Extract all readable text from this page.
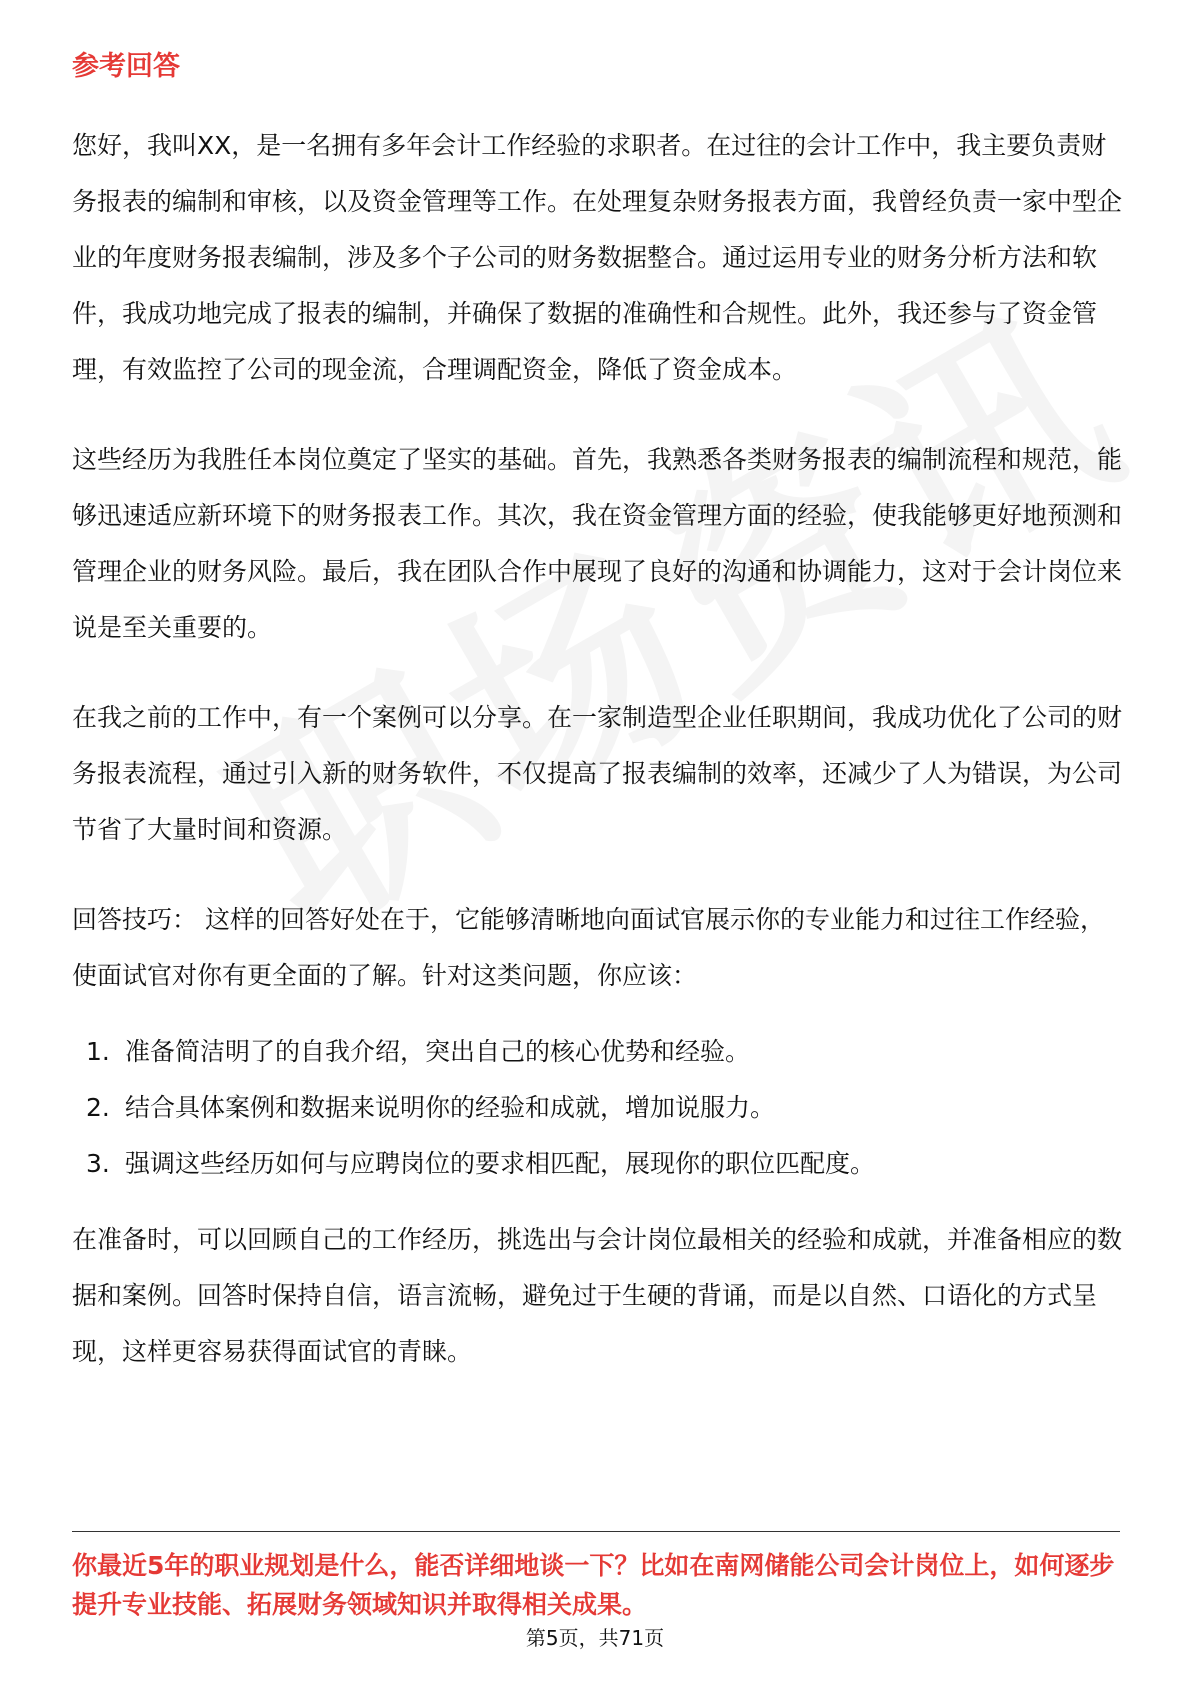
参考回答

您好，我叫XX，是一名拥有多年会计工作经验的求职者。在过往的会计工作中，我主要负责财务报表的编制和审核，以及资金管理等工作。在处理复杂财务报表方面，我曾经负责一家中型企业的年度财务报表编制，涉及多个子公司的财务数据整合。通过运用专业的财务分析方法和软件，我成功地完成了报表的编制，并确保了数据的准确性和合规性。此外，我还参与了资金管理，有效监控了公司的现金流，合理调配资金，降低了资金成本。

这些经历为我胜任本岗位奠定了坚实的基础。首先，我熟悉各类财务报表的编制流程和规范，能够迅速适应新环境下的财务报表工作。其次，我在资金管理方面的经验，使我能够更好地预测和管理企业的财务风险。最后，我在团队合作中展现了良好的沟通和协调能力，这对于会计岗位来说是至关重要的。

在我之前的工作中，有一个案例可以分享。在一家制造型企业任职期间，我成功优化了公司的财务报表流程，通过引入新的财务软件，不仅提高了报表编制的效率，还减少了人为错误，为公司节省了大量时间和资源。

回答技巧： 这样的回答好处在于，它能够清晰地向面试官展示你的专业能力和过往工作经验，使面试官对你有更全面的了解。针对这类问题，你应该：

1. 准备简洁明了的自我介绍，突出自己的核心优势和经验。
2. 结合具体案例和数据来说明你的经验和成就，增加说服力。
3. 强调这些经历如何与应聘岗位的要求相匹配，展现你的职位匹配度。

在准备时，可以回顾自己的工作经历，挑选出与会计岗位最相关的经验和成就，并准备相应的数据和案例。回答时保持自信，语言流畅，避免过于生硬的背诵，而是以自然、口语化的方式呈现，这样更容易获得面试官的青睐。

你最近5年的职业规划是什么，能否详细地谈一下？比如在南网储能公司会计岗位上，如何逐步提升专业技能、拓展财务领域知识并取得相关成果。
第5页，共71页
